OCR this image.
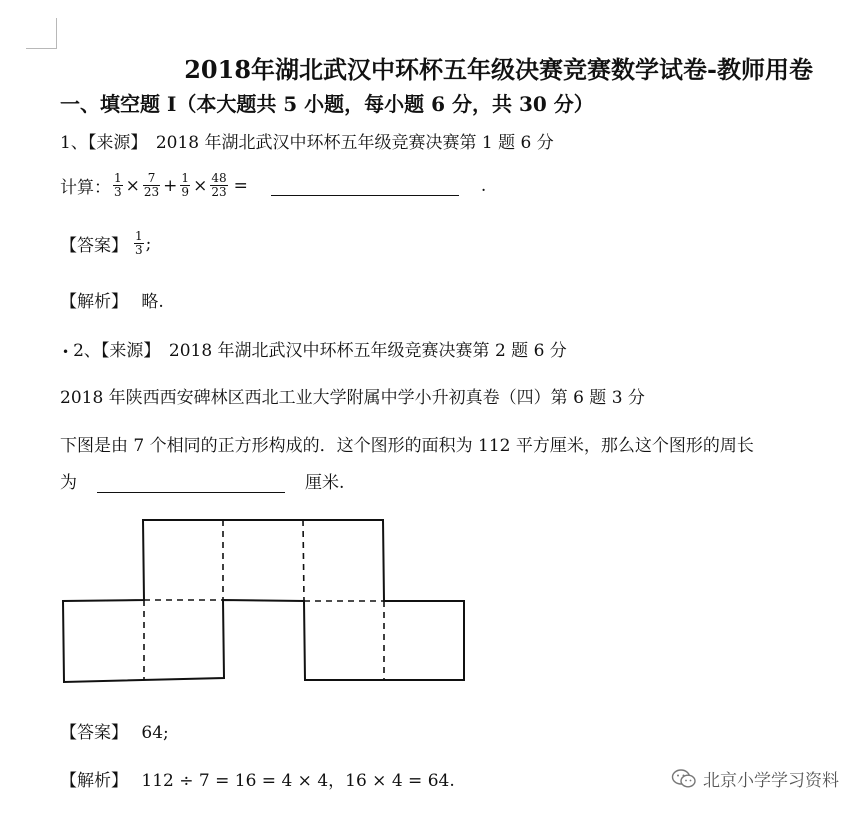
2018年湖北武汉中环杯五年级决赛竞赛数学试卷-教师用卷
一、填空题 I（本大题共 5 小题，每小题 6 分，共 30 分）
1、【来源】　2018 年湖北武汉中环杯五年级竞赛决赛第 1 题 6 分
计算： $\frac{1}{3} \times \frac{7}{23} + \frac{1}{9} \times \frac{48}{23}$ =	.
【答案】 $\frac{1}{3}$ ;
【解析】 略.
• 2、【来源】　2018 年湖北武汉中环杯五年级竞赛决赛第 2 题 6 分
2018 年陕西西安碑林区西北工业大学附属中学小升初真卷（四）第 6 题 3 分
下图是由 7 个相同的正方形构成的．这个图形的面积为 112 平方厘米，那么这个图形的周长
为	厘米.
【答案】 64;
【解析】 112 ÷ 7 = 16 = 4 × 4，16 × 4 = 64.	北京小学学习资料
